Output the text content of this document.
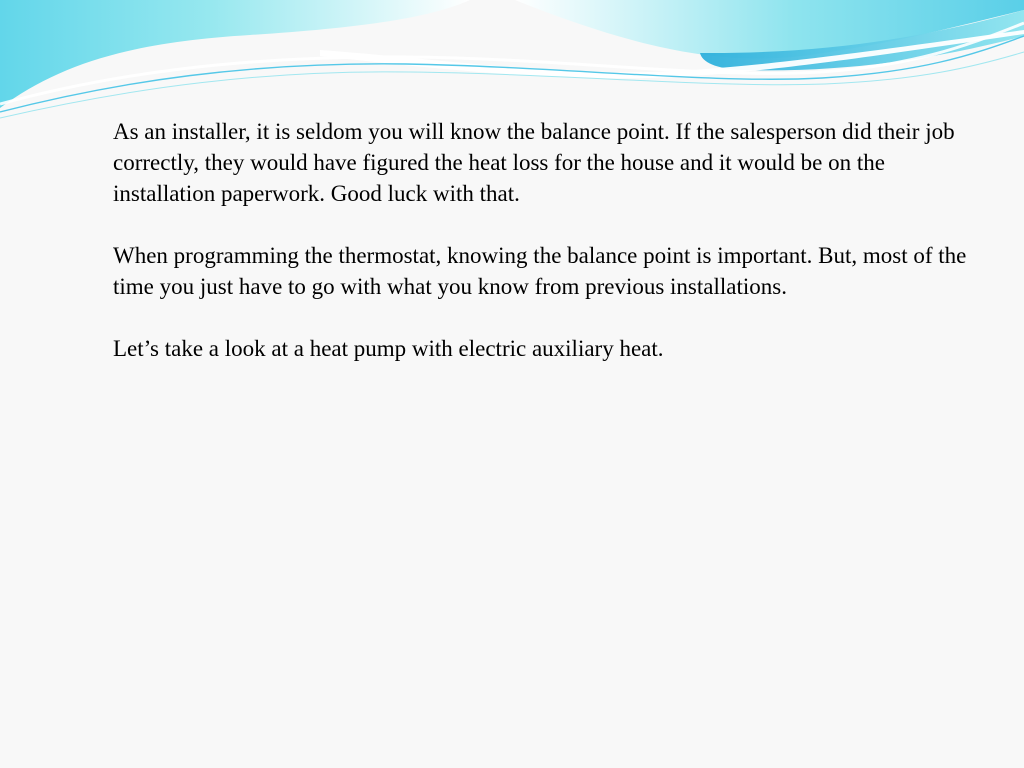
As an installer, it is seldom you will know the balance point. If the salesperson did their job correctly, they would have figured the heat loss for the house and it would be on the installation paperwork. Good luck with that.

When programming the thermostat, knowing the balance point is important. But, most of the time you just have to go with what you know from previous installations.

Let’s take a look at a heat pump with electric auxiliary heat.
